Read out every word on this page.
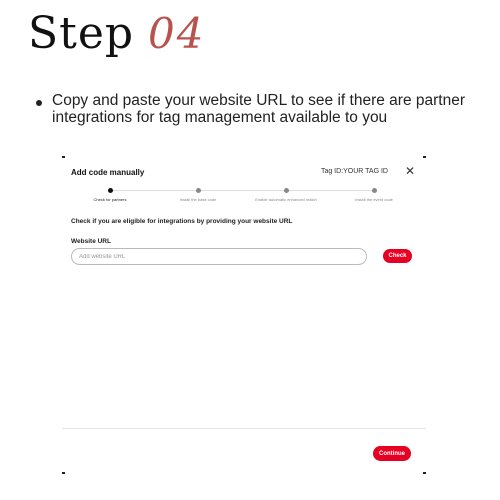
Step 04
Copy and paste your website URL to see if there are partner integrations for tag management available to you
Add code manually	Tag ID:YOUR TAG ID ✕
Check for partners	Install the base code	Enable automatic enhanced match	Install the event code
Check if you are eligible for integrations by providing your website URL
Website URL
Add website URL
Check
Continue
